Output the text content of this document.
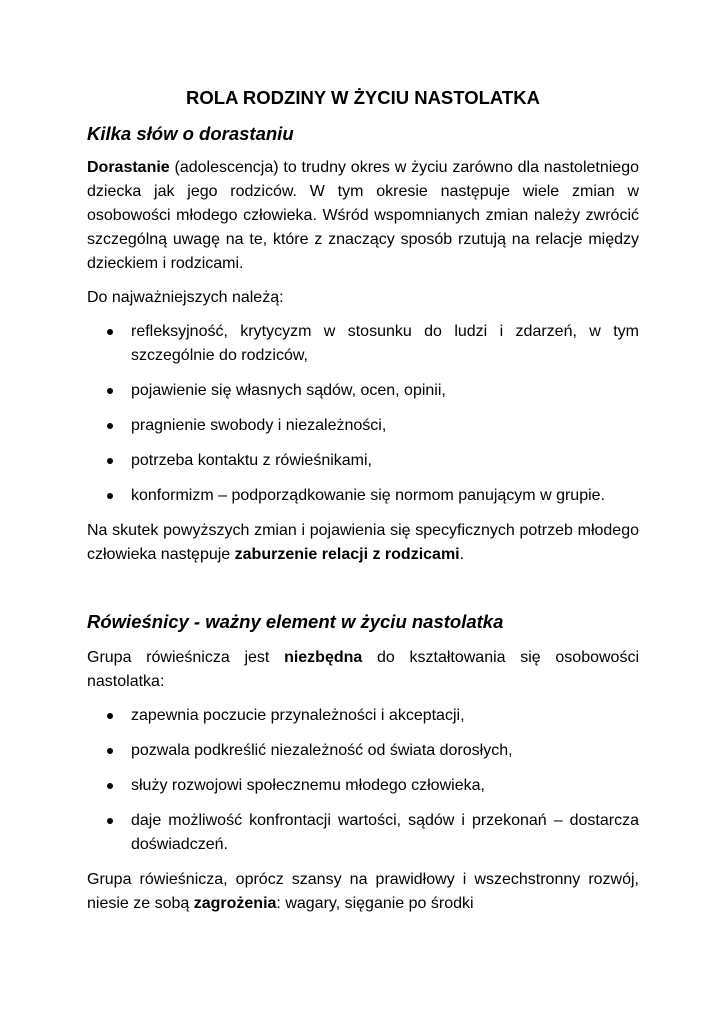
ROLA RODZINY W ŻYCIU NASTOLATKA
Kilka słów o dorastaniu

Dorastanie (adolescencja) to trudny okres w życiu zarówno dla nastoletniego dziecka jak jego rodziców. W tym okresie następuje wiele zmian w osobowości młodego człowieka. Wśród wspomnianych zmian należy zwrócić szczególną uwagę na te, które z znaczący sposób rzutują na relacje między dzieckiem i rodzicami.

Do najważniejszych należą:

refleksyjność, krytycyzm w stosunku do ludzi i zdarzeń, w tym szczególnie do rodziców,
pojawienie się własnych sądów, ocen, opinii,
pragnienie swobody i niezależności,
potrzeba kontaktu z rówieśnikami,
konformizm – podporządkowanie się normom panującym w grupie.

Na skutek powyższych zmian i pojawienia się specyficznych potrzeb młodego człowieka następuje zaburzenie relacji z rodzicami.

Rówieśnicy - ważny element w życiu nastolatka

Grupa rówieśnicza jest niezbędna do kształtowania się osobowości nastolatka:

zapewnia poczucie przynależności i akceptacji,
pozwala podkreślić niezależność od świata dorosłych,
służy rozwojowi społecznemu młodego człowieka,
daje możliwość konfrontacji wartości, sądów i przekonań – dostarcza doświadczeń.

Grupa rówieśnicza, oprócz szansy na prawidłowy i wszechstronny rozwój, niesie ze sobą zagrożenia: wagary, sięganie po środki
